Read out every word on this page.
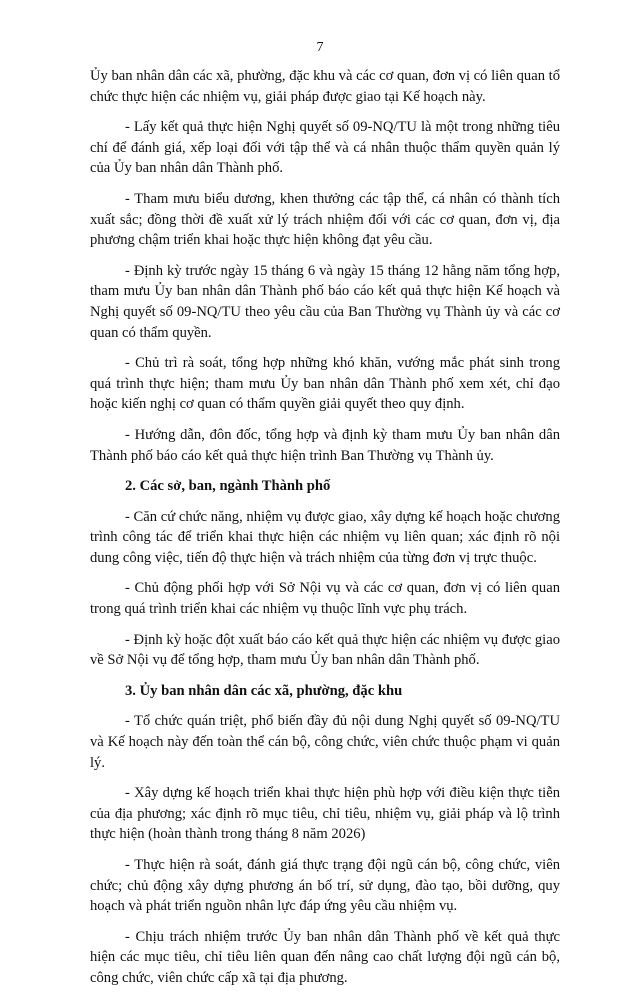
7

Ủy ban nhân dân các xã, phường, đặc khu và các cơ quan, đơn vị có liên quan tổ chức thực hiện các nhiệm vụ, giải pháp được giao tại Kế hoạch này.

- Lấy kết quả thực hiện Nghị quyết số 09-NQ/TU là một trong những tiêu chí để đánh giá, xếp loại đối với tập thể và cá nhân thuộc thẩm quyền quản lý của Ủy ban nhân dân Thành phố.

- Tham mưu biểu dương, khen thưởng các tập thể, cá nhân có thành tích xuất sắc; đồng thời đề xuất xử lý trách nhiệm đối với các cơ quan, đơn vị, địa phương chậm triển khai hoặc thực hiện không đạt yêu cầu.

- Định kỳ trước ngày 15 tháng 6 và ngày 15 tháng 12 hằng năm tổng hợp, tham mưu Ủy ban nhân dân Thành phố báo cáo kết quả thực hiện Kế hoạch và Nghị quyết số 09-NQ/TU theo yêu cầu của Ban Thường vụ Thành ủy và các cơ quan có thẩm quyền.

- Chủ trì rà soát, tổng hợp những khó khăn, vướng mắc phát sinh trong quá trình thực hiện; tham mưu Ủy ban nhân dân Thành phố xem xét, chỉ đạo hoặc kiến nghị cơ quan có thẩm quyền giải quyết theo quy định.

- Hướng dẫn, đôn đốc, tổng hợp và định kỳ tham mưu Ủy ban nhân dân Thành phố báo cáo kết quả thực hiện trình Ban Thường vụ Thành ủy.

2. Các sở, ban, ngành Thành phố

- Căn cứ chức năng, nhiệm vụ được giao, xây dựng kế hoạch hoặc chương trình công tác để triển khai thực hiện các nhiệm vụ liên quan; xác định rõ nội dung công việc, tiến độ thực hiện và trách nhiệm của từng đơn vị trực thuộc.

- Chủ động phối hợp với Sở Nội vụ và các cơ quan, đơn vị có liên quan trong quá trình triển khai các nhiệm vụ thuộc lĩnh vực phụ trách.

- Định kỳ hoặc đột xuất báo cáo kết quả thực hiện các nhiệm vụ được giao về Sở Nội vụ để tổng hợp, tham mưu Ủy ban nhân dân Thành phố.

3. Ủy ban nhân dân các xã, phường, đặc khu

- Tổ chức quán triệt, phổ biến đầy đủ nội dung Nghị quyết số 09-NQ/TU và Kế hoạch này đến toàn thể cán bộ, công chức, viên chức thuộc phạm vi quản lý.

- Xây dựng kế hoạch triển khai thực hiện phù hợp với điều kiện thực tiễn của địa phương; xác định rõ mục tiêu, chỉ tiêu, nhiệm vụ, giải pháp và lộ trình thực hiện (hoàn thành trong tháng 8 năm 2026)

- Thực hiện rà soát, đánh giá thực trạng đội ngũ cán bộ, công chức, viên chức; chủ động xây dựng phương án bố trí, sử dụng, đào tạo, bồi dưỡng, quy hoạch và phát triển nguồn nhân lực đáp ứng yêu cầu nhiệm vụ.

- Chịu trách nhiệm trước Ủy ban nhân dân Thành phố về kết quả thực hiện các mục tiêu, chỉ tiêu liên quan đến nâng cao chất lượng đội ngũ cán bộ, công chức, viên chức cấp xã tại địa phương.
